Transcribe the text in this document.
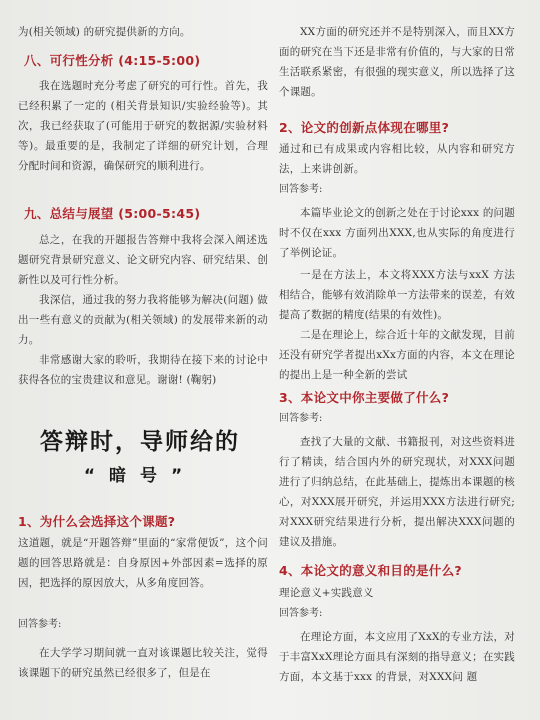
为(相关领域) 的研究提供新的方向。

八、可行性分析 (4:15-5:00)

我在选题时充分考虑了研究的可行性。首先，我已经积累了一定的 (相关背景知识/实验经验等)。其次，我已经获取了(可能用于研究的数据源/实验材料等)。最重要的是，我制定了详细的研究计划，合理分配时间和资源，确保研究的顺利进行。

九、总结与展望 (5:00-5:45)

总之，在我的开题报告答辩中我将会深入阐述选题研究背景研究意义、论文研究内容、研究结果、创新性以及可行性分析。

我深信，通过我的努力我将能够为解决(问题) 做出一些有意义的贡献为(相关领域) 的发展带来新的动力。

非常感谢大家的聆听，我期待在接下来的讨论中获得各位的宝贵建议和意见。谢谢! (鞠躬)

答辩时，导师给的
“暗号”
1、为什么会选择这个课题?

这道题，就是“开题答辩”里面的“家常便饭”，这个问题的回答思路就是：自身原因+外部因素=选择的原因，把选择的原因放大，从多角度回答。

回答参考:

在大学学习期间就一直对该课题比较关注，觉得该课题下的研究虽然已经很多了，但是在

XX方面的研究还并不是特别深入，而且XX方面的研究在当下还是非常有价值的，与大家的日常生活联系紧密，有很强的现实意义，所以选择了这个课题。

2、论文的创新点体现在哪里?

通过和已有成果或内容相比较，从内容和研究方法，上来讲创新。

回答参考:

本篇毕业论文的创新之处在于讨论xxx 的问题时不仅在xxx 方面列出XXX,也从实际的角度进行了举例论证。

一是在方法上，本文将XXX方法与xxX 方法相结合，能够有效消除单一方法带来的误差，有效提高了数据的精度(结果的有效性)。

二是在理论上，综合近十年的文献发现，目前还没有研究学者提出xXx方面的内容，本文在理论的提出上是一种全新的尝试

3、本论文中你主要做了什么?
回答参考:

查找了大量的文献、书籍报刊，对这些资料进行了精读，结合国内外的研究现状，对XXX问题进行了归纳总结，在此基础上，提炼出本课题的核心，对XXX展开研究，并运用XXX方法进行研究; 对XXX研究结果进行分析，提出解决XXX问题的建议及措施。

4、本论文的意义和目的是什么?

理论意义+实践意义

回答参考:

在理论方面，本文应用了XxX的专业方法，对于丰富XxX理论方面具有深刻的指导意义；在实践方面，本文基于xxx 的背景，对XXX问 题
